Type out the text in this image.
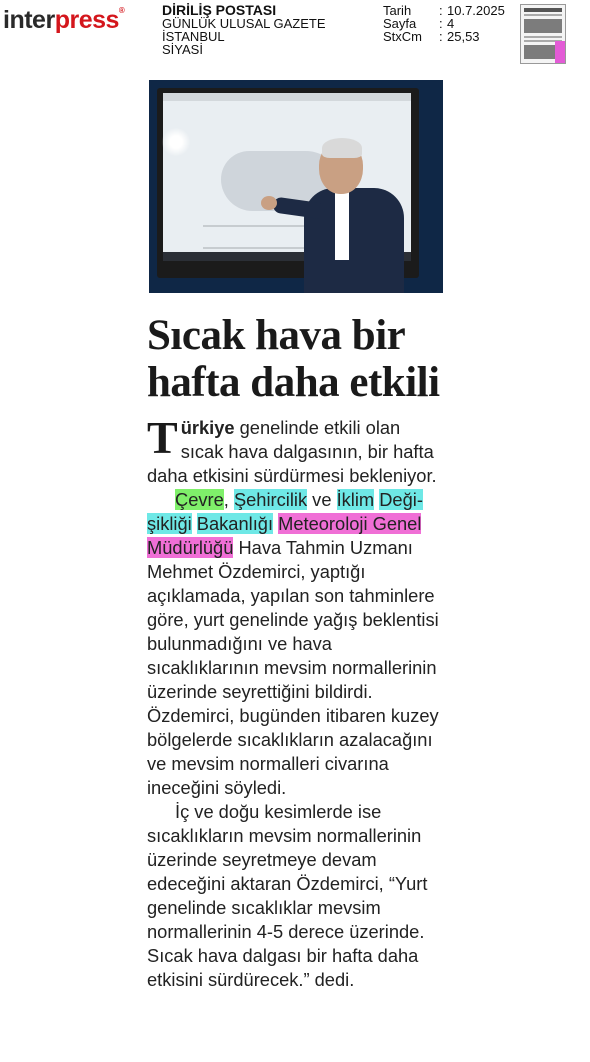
interpress®	DİRİLİŞ POSTASI
GÜNLÜK ULUSAL GAZETE
İSTANBUL
SİYASİ
Tarih	: 10.7.2025
Sayfa	: 4
StxCm	: 25,53
Sıcak hava bir
hafta daha etkili

Türkiye genelinde etkili olan sıcak hava dalgasının, bir hafta daha etkisini sürdürmesi bekleniyor.

Çevre, Şehircilik ve İklim Deği-şikliği Bakanlığı Meteoroloji Genel Müdürlüğü Hava Tahmin Uzmanı Mehmet Özdemirci, yaptığı açıklamada, yapılan son tahminlere göre, yurt genelinde yağış beklentisi bulunmadığını ve hava sıcaklıklarının mevsim normallerinin üzerinde seyrettiğini bildirdi. Özdemirci, bugünden itibaren kuzey bölgelerde sıcaklıkların azalacağını ve mevsim normalleri civarına ineceğini söyledi.

İç ve doğu kesimlerde ise sıcaklıkların mevsim normallerinin üzerinde seyretmeye devam edeceğini aktaran Özdemirci, “Yurt genelinde sıcaklıklar mevsim normallerinin 4-5 derece üzerinde. Sıcak hava dalgası bir hafta daha etkisini sürdürecek.” dedi.
